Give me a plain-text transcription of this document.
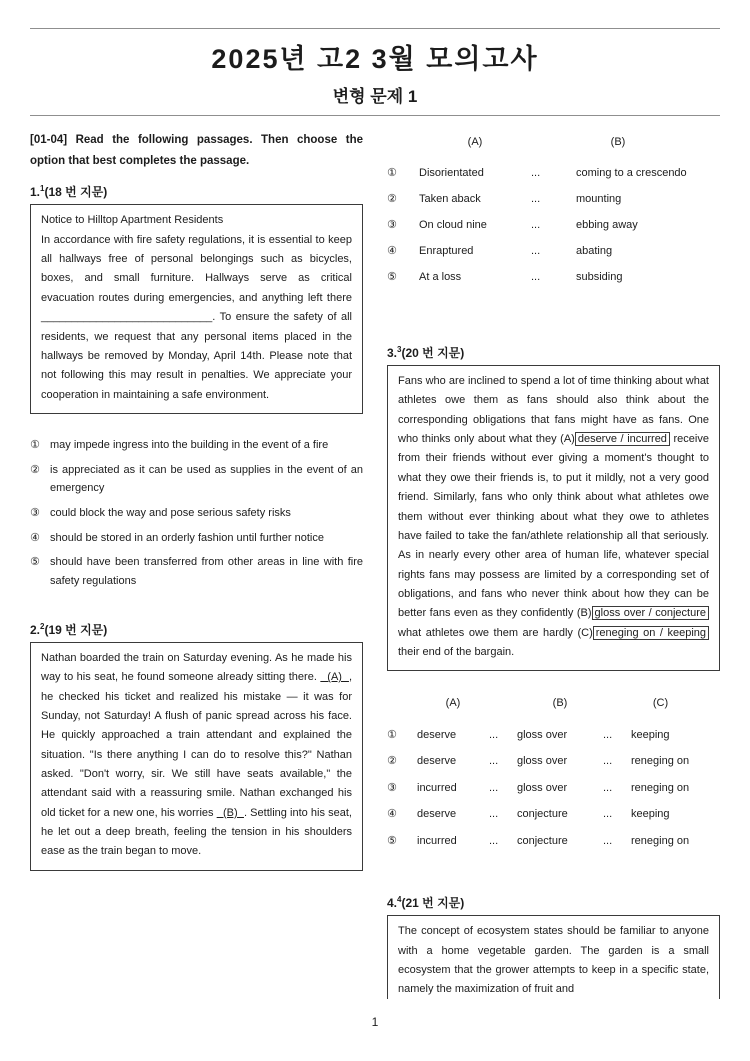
2025년 고2 3월 모의고사
변형 문제 1

[01-04] Read the following passages. Then choose the option that best completes the passage.

1.$^1$(18 번 지문)
Notice to Hilltop Apartment Residents
In accordance with fire safety regulations, it is essential to keep all hallways free of personal belongings such as bicycles, boxes, and small furniture. Hallways serve as critical evacuation routes during emergencies, and anything left there ____________________________. To ensure the safety of all residents, we request that any personal items placed in the hallways be removed by Monday, April 14th. Please note that not following this may result in penalties. We appreciate your cooperation in maintaining a safe environment.
① may impede ingress into the building in the event of a fire
② is appreciated as it can be used as supplies in the event of an emergency
③ could block the way and pose serious safety risks
④ should be stored in an orderly fashion until further notice
⑤ should have been transferred from other areas in line with fire safety regulations
2.$^2$(19 번 지문)
Nathan boarded the train on Saturday evening. As he made his way to his seat, he found someone already sitting there.   (A)  , he checked his ticket and realized his mistake — it was for Sunday, not Saturday! A flush of panic spread across his face. He quickly approached a train attendant and explained the situation. "Is there anything I can do to resolve this?" Nathan asked. "Don't worry, sir. We still have seats available," the attendant said with a reassuring smile. Nathan exchanged his old ticket for a new one, his worries   (B)  . Settling into his seat, he let out a deep breath, feeling the tension in his shoulders ease as the train began to move.
(A)	(B)
①	Disorientated	...	coming to a crescendo
②	Taken aback	...	mounting
③	On cloud nine	...	ebbing away
④	Enraptured	...	abating
⑤	At a loss	...	subsiding
3.$^3$(20 번 지문)
Fans who are inclined to spend a lot of time thinking about what athletes owe them as fans should also think about the corresponding obligations that fans might have as fans. One who thinks only about what they (A) deserve / incurred receive from their friends without ever giving a moment's thought to what they owe their friends is, to put it mildly, not a very good friend. Similarly, fans who only think about what athletes owe them without ever thinking about what they owe to athletes have failed to take the fan/athlete relationship all that seriously. As in nearly every other area of human life, whatever special rights fans may possess are limited by a corresponding set of obligations, and fans who never think about how they can be better fans even as they confidently (B) gloss over / conjecture what athletes owe them are hardly (C) reneging on / keeping their end of the bargain.
(A)	(B)	(C)
①	deserve	...	gloss over	...	keeping
②	deserve	...	gloss over	...	reneging on
③	incurred	...	gloss over	...	reneging on
④	deserve	...	conjecture	...	keeping
⑤	incurred	...	conjecture	...	reneging on
4.$^4$(21 번 지문)
The concept of ecosystem states should be familiar to anyone with a home vegetable garden. The garden is a small ecosystem that the grower attempts to keep in a specific state, namely the maximization of fruit and
1
